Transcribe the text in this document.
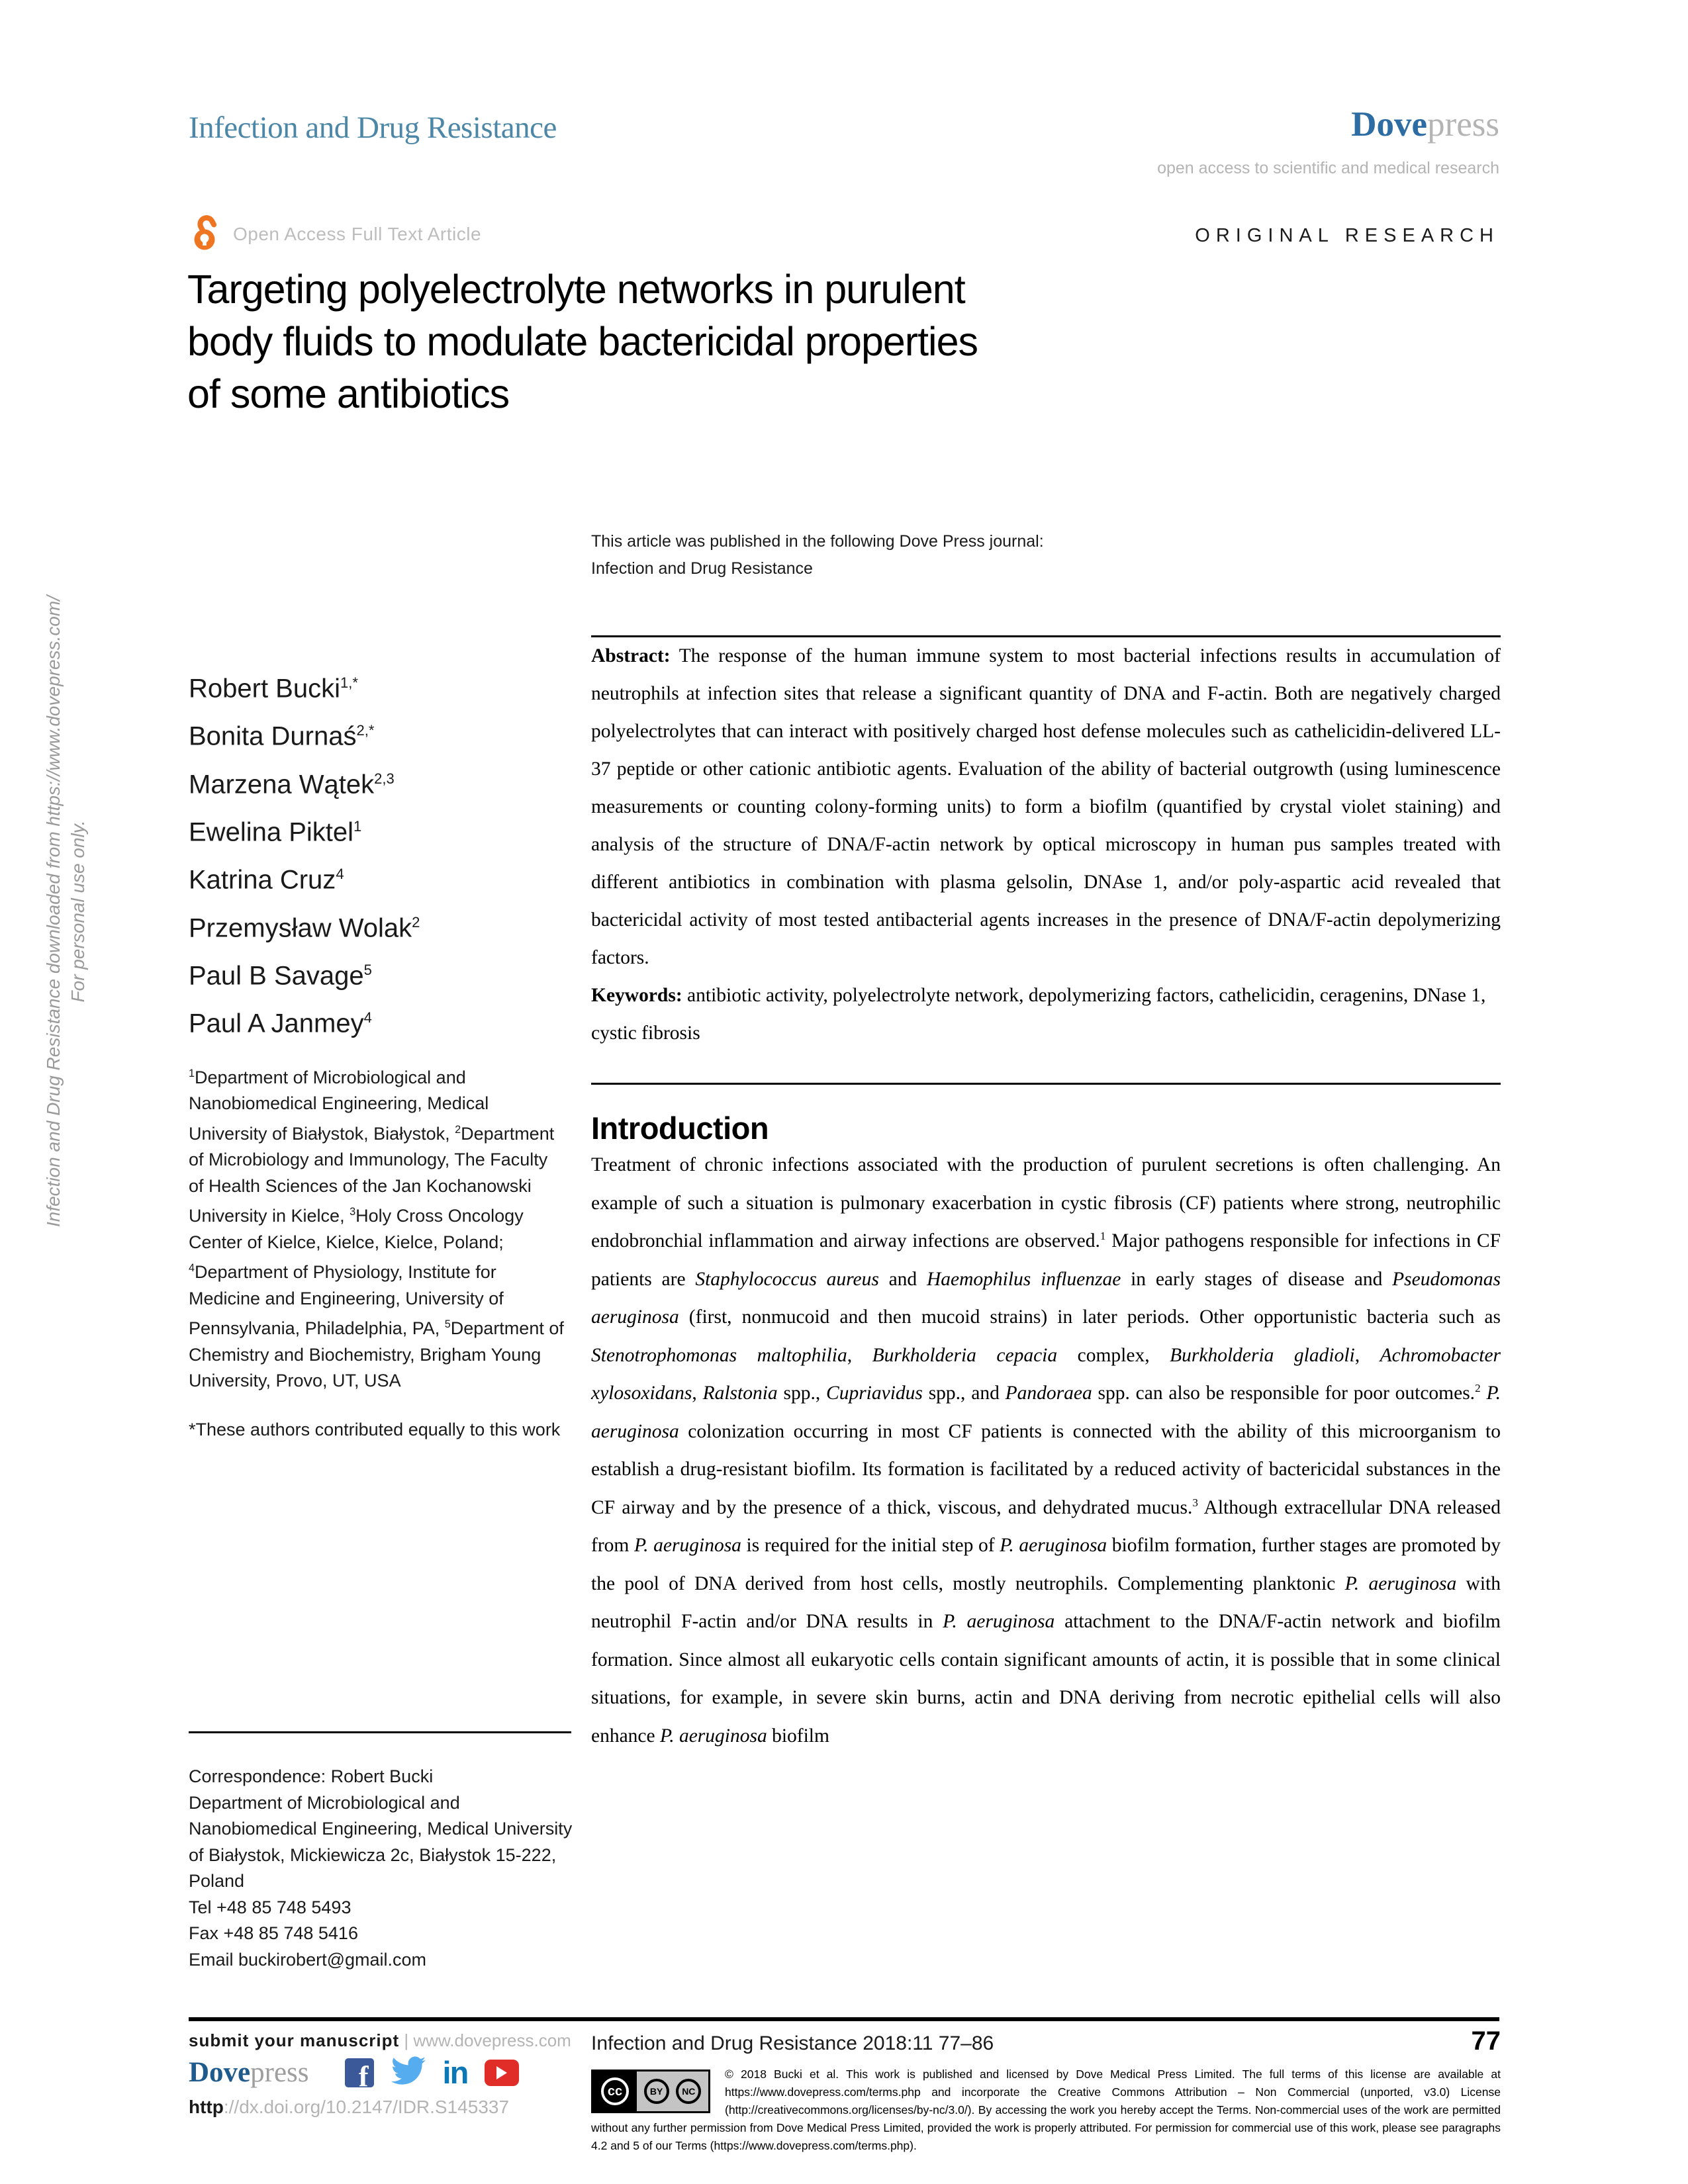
Infection and Drug Resistance downloaded from https://www.dovepress.com/ For personal use only.
Infection and Drug Resistance	Dovepress
open access to scientific and medical research
Open Access Full Text Article	ORIGINAL RESEARCH
Targeting polyelectrolyte networks in purulent
body fluids to modulate bactericidal properties
of some antibiotics
This article was published in the following Dove Press journal:
Infection and Drug Resistance
Robert Bucki$^{1,*}$
Bonita Durnaś$^{2,*}$
Marzena Wątek$^{2,3}$
Ewelina Piktel$^1$
Katrina Cruz$^4$
Przemysław Wolak$^2$
Paul B Savage$^5$
Paul A Janmey$^4$
$^1$Department of Microbiological and Nanobiomedical Engineering, Medical University of Białystok, Białystok, $^2$Department of Microbiology and Immunology, The Faculty of Health Sciences of the Jan Kochanowski University in Kielce, $^3$Holy Cross Oncology Center of Kielce, Kielce, Kielce, Poland; $^4$Department of Physiology, Institute for Medicine and Engineering, University of Pennsylvania, Philadelphia, PA, $^5$Department of Chemistry and Biochemistry, Brigham Young University, Provo, UT, USA
*These authors contributed equally to this work
Correspondence: Robert Bucki
Department of Microbiological and Nanobiomedical Engineering, Medical University of Białystok, Mickiewicza 2c, Białystok 15-222, Poland
Tel +48 85 748 5493
Fax +48 85 748 5416
Email buckirobert@gmail.com

Abstract: The response of the human immune system to most bacterial infections results in accumulation of neutrophils at infection sites that release a significant quantity of DNA and F-actin. Both are negatively charged polyelectrolytes that can interact with positively charged host defense molecules such as cathelicidin-delivered LL-37 peptide or other cationic antibiotic agents. Evaluation of the ability of bacterial outgrowth (using luminescence measurements or counting colony-forming units) to form a biofilm (quantified by crystal violet staining) and analysis of the structure of DNA/F-actin network by optical microscopy in human pus samples treated with different antibiotics in combination with plasma gelsolin, DNAse 1, and/or poly-aspartic acid revealed that bactericidal activity of most tested antibacterial agents increases in the presence of DNA/F-actin depolymerizing factors.

Keywords: antibiotic activity, polyelectrolyte network, depolymerizing factors, cathelicidin, ceragenins, DNase 1, cystic fibrosis

Introduction

Treatment of chronic infections associated with the production of purulent secretions is often challenging. An example of such a situation is pulmonary exacerbation in cystic fibrosis (CF) patients where strong, neutrophilic endobronchial inflammation and airway infections are observed.$^1$ Major pathogens responsible for infections in CF patients are Staphylococcus aureus and Haemophilus influenzae in early stages of disease and Pseudomonas aeruginosa (first, nonmucoid and then mucoid strains) in later periods. Other opportunistic bacteria such as Stenotrophomonas maltophilia, Burkholderia cepacia complex, Burkholderia gladioli, Achromobacter xylosoxidans, Ralstonia spp., Cupriavidus spp., and Pandoraea spp. can also be responsible for poor outcomes.$^2$ P. aeruginosa colonization occurring in most CF patients is connected with the ability of this microorganism to establish a drug-resistant biofilm. Its formation is facilitated by a reduced activity of bactericidal substances in the CF airway and by the presence of a thick, viscous, and dehydrated mucus.$^3$ Although extracellular DNA released from P. aeruginosa is required for the initial step of P. aeruginosa biofilm formation, further stages are promoted by the pool of DNA derived from host cells, mostly neutrophils. Complementing planktonic P. aeruginosa with neutrophil F-actin and/or DNA results in P. aeruginosa attachment to the DNA/F-actin network and biofilm formation. Since almost all eukaryotic cells contain significant amounts of actin, it is possible that in some clinical situations, for example, in severe skin burns, actin and DNA deriving from necrotic epithelial cells will also enhance P. aeruginosa biofilm

submit your manuscript | www.dovepress.com
Dovepress f in
http://dx.doi.org/10.2147/IDR.S145337
Infection and Drug Resistance 2018:11 77–86	77
cc	BY	NC
© 2018 Bucki et al. This work is published and licensed by Dove Medical Press Limited. The full terms of this license are available at https://www.dovepress.com/terms.php and incorporate the Creative Commons Attribution – Non Commercial (unported, v3.0) License (http://creativecommons.org/licenses/by-nc/3.0/). By accessing the work you hereby accept the Terms. Non-commercial uses of the work are permitted without any further permission from Dove Medical Press Limited, provided the work is properly attributed. For permission for commercial use of this work, please see paragraphs 4.2 and 5 of our Terms (https://www.dovepress.com/terms.php).
